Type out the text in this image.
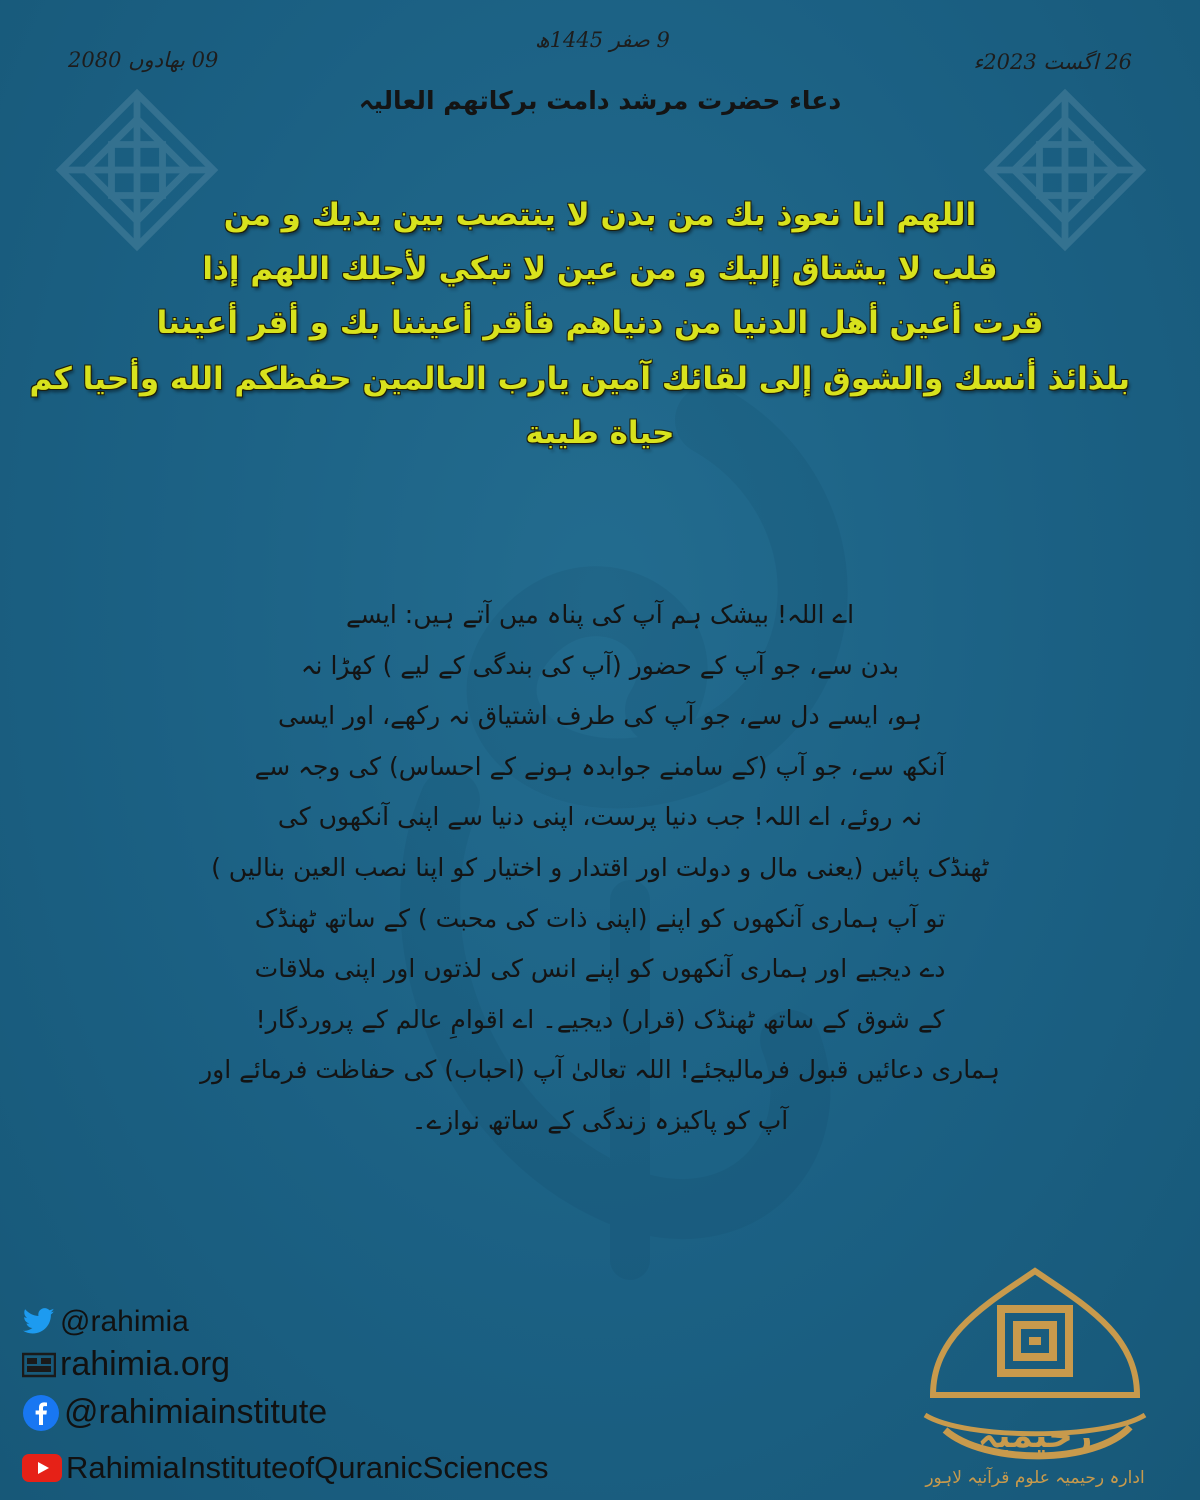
9 صفر 1445ھ
26 اگست 2023ء
09 بھادوں 2080
دعاء حضرت مرشد دامت برکاتھم العالیہ
اللهم انا نعوذ بك من بدن لا ينتصب بين يديك و من
قلب لا يشتاق إليك و من عين لا تبكي لأجلك اللهم إذا
قرت أعين أهل الدنيا من دنياهم فأقر أعيننا بك و أقر أعيننا
بلذائذ أنسك والشوق إلى لقائك آمين يارب العالمين حفظكم الله وأحيا كم
حياة طيبة
اے اللہ! بیشک ہم آپ کی پناہ میں آتے ہیں: ایسے
بدن سے، جو آپ کے حضور (آپ کی بندگی کے لیے ) کھڑا نہ
ہو، ایسے دل سے، جو آپ کی طرف اشتیاق نہ رکھے، اور ایسی
آنکھ سے، جو آپ (کے سامنے جوابدہ ہونے کے احساس) کی وجہ سے
نہ روئے، اے اللہ! جب دنیا پرست، اپنی دنیا سے اپنی آنکھوں کی
ٹھنڈک پائیں (یعنی مال و دولت اور اقتدار و اختیار کو اپنا نصب العین بنالیں )
تو آپ ہماری آنکھوں کو اپنے (اپنی ذات کی محبت ) کے ساتھ ٹھنڈک
دے دیجیے اور ہماری آنکھوں کو اپنے انس کی لذتوں اور اپنی ملاقات
کے شوق کے ساتھ ٹھنڈک (قرار) دیجیے۔ اے اقوامِ عالم کے پروردگار!
ہماری دعائیں قبول فرمالیجئے! اللہ تعالیٰ آپ (احباب) کی حفاظت فرمائے اور
آپ کو پاکیزہ زندگی کے ساتھ نوازے۔
@rahimia
rahimia.org
@rahimiainstitute
RahimiaInstituteofQuranicSciences
رحیمیہ
ادارہ رحیمیہ علوم قرآنیہ لاہور
